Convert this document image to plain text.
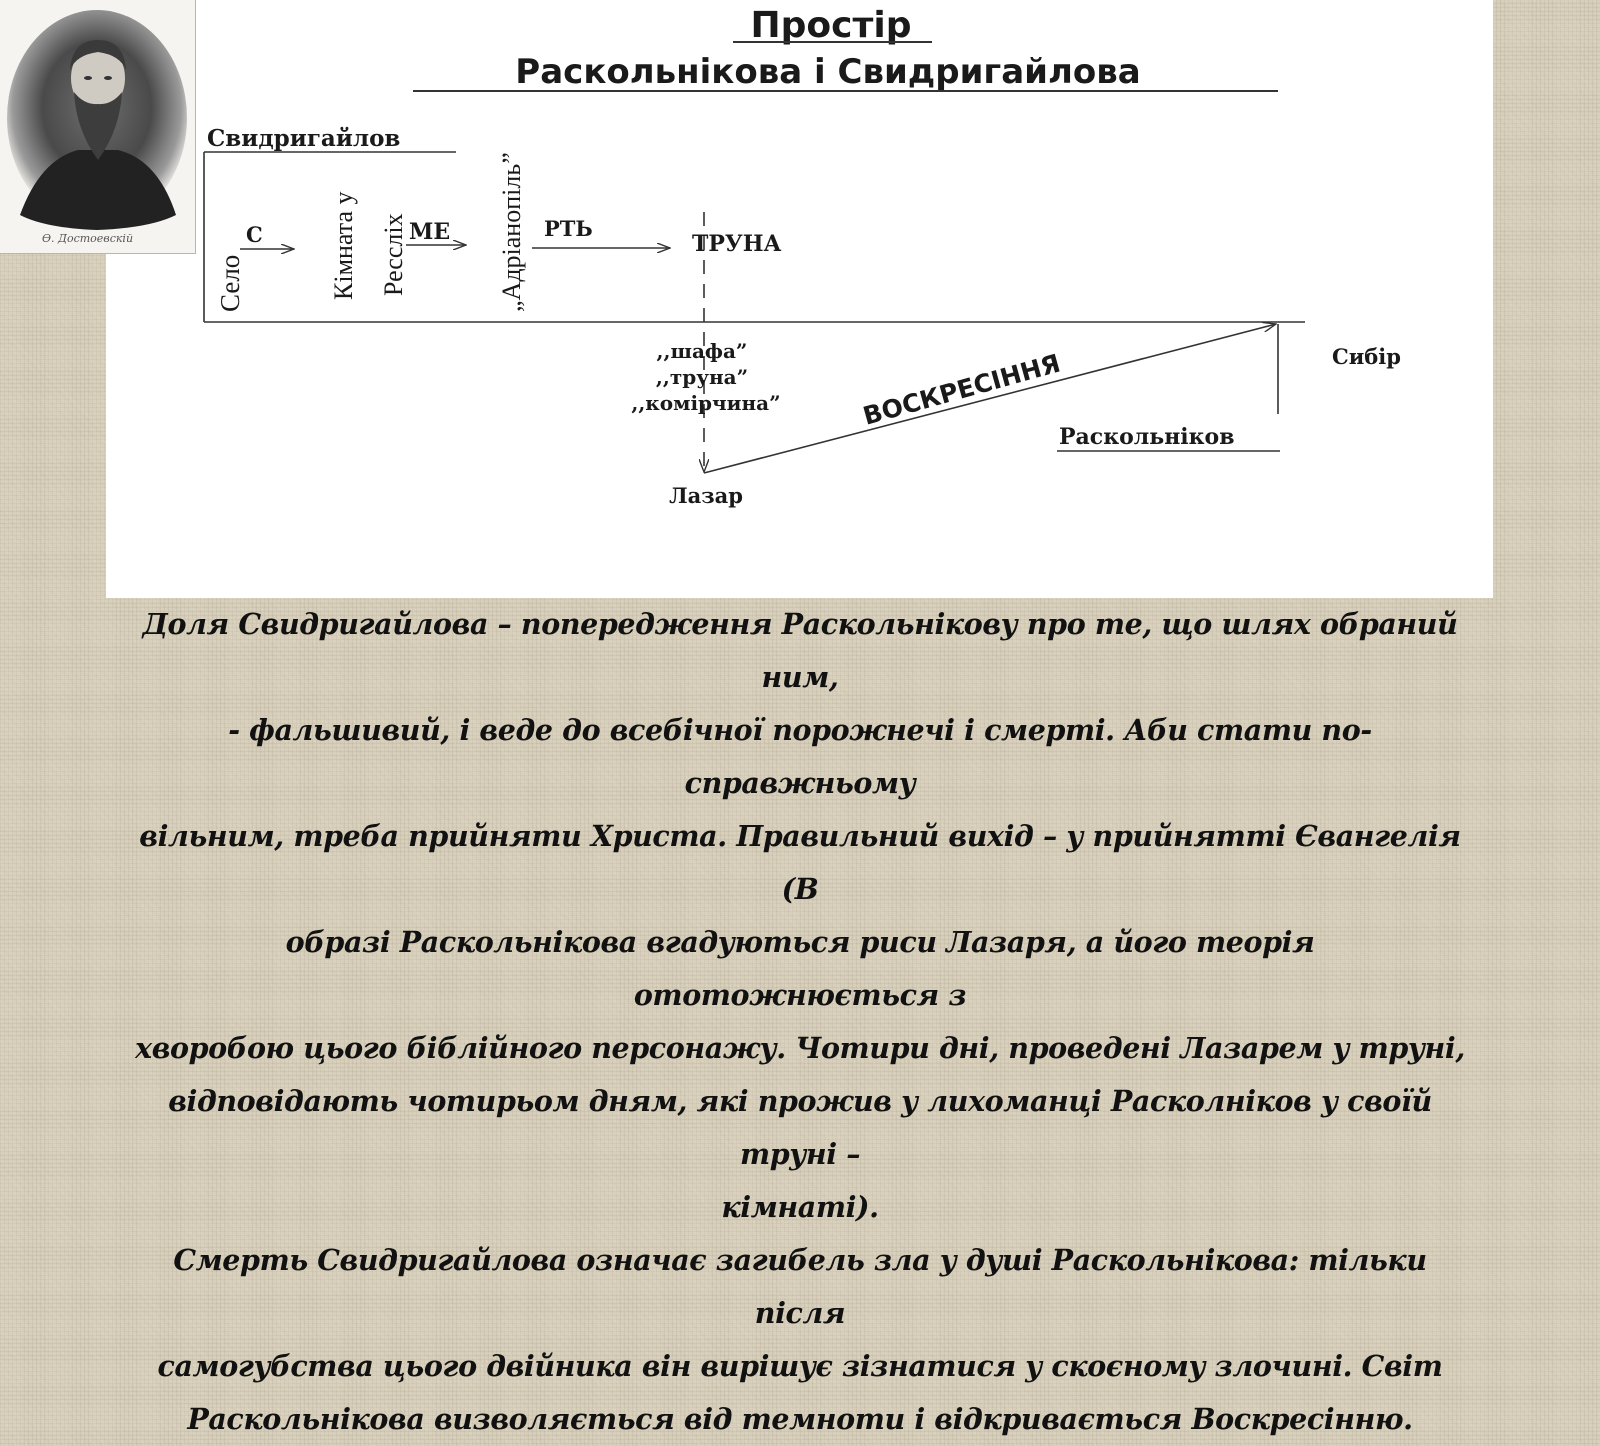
Простір
Раскольнікова і Свидригайлова
Свидригайлов
Село
С	Кімната у Ресслiх МЕ „Адріанопіль” РТЬ
ТРУНА
,,шафа”
,,труна”
,,комірчина”	ВОСКРЕСІННЯ	Сибір
Раскольніков
Лазар
Ѳ. Достоевскій

Доля Свидригайлова – попередження Раскольнікову про те, що шлях обраний ним,
- фальшивий, і веде до всебічної порожнечі і смерті. Аби стати по-справжньому
вільним, треба прийняти Христа. Правильний вихід – у прийнятті Євангелія (В
образі Раскольнікова вгадуються риси Лазаря, а його теорія ототожнюється з
хворобою цього біблійного персонажу. Чотири дні, проведені Лазарем у труні,
відповідають чотирьом дням, які прожив у лихоманці Расколніков у своїй труні –
кімнаті).

Смерть Свидригайлова означає загибель зла у душі Раскольнікова: тільки після
самогубства цього двійника він вирішує зізнатися у скоєному злочині. Світ
Раскольнікова визволяється від темноти і відкривається Воскресінню.
